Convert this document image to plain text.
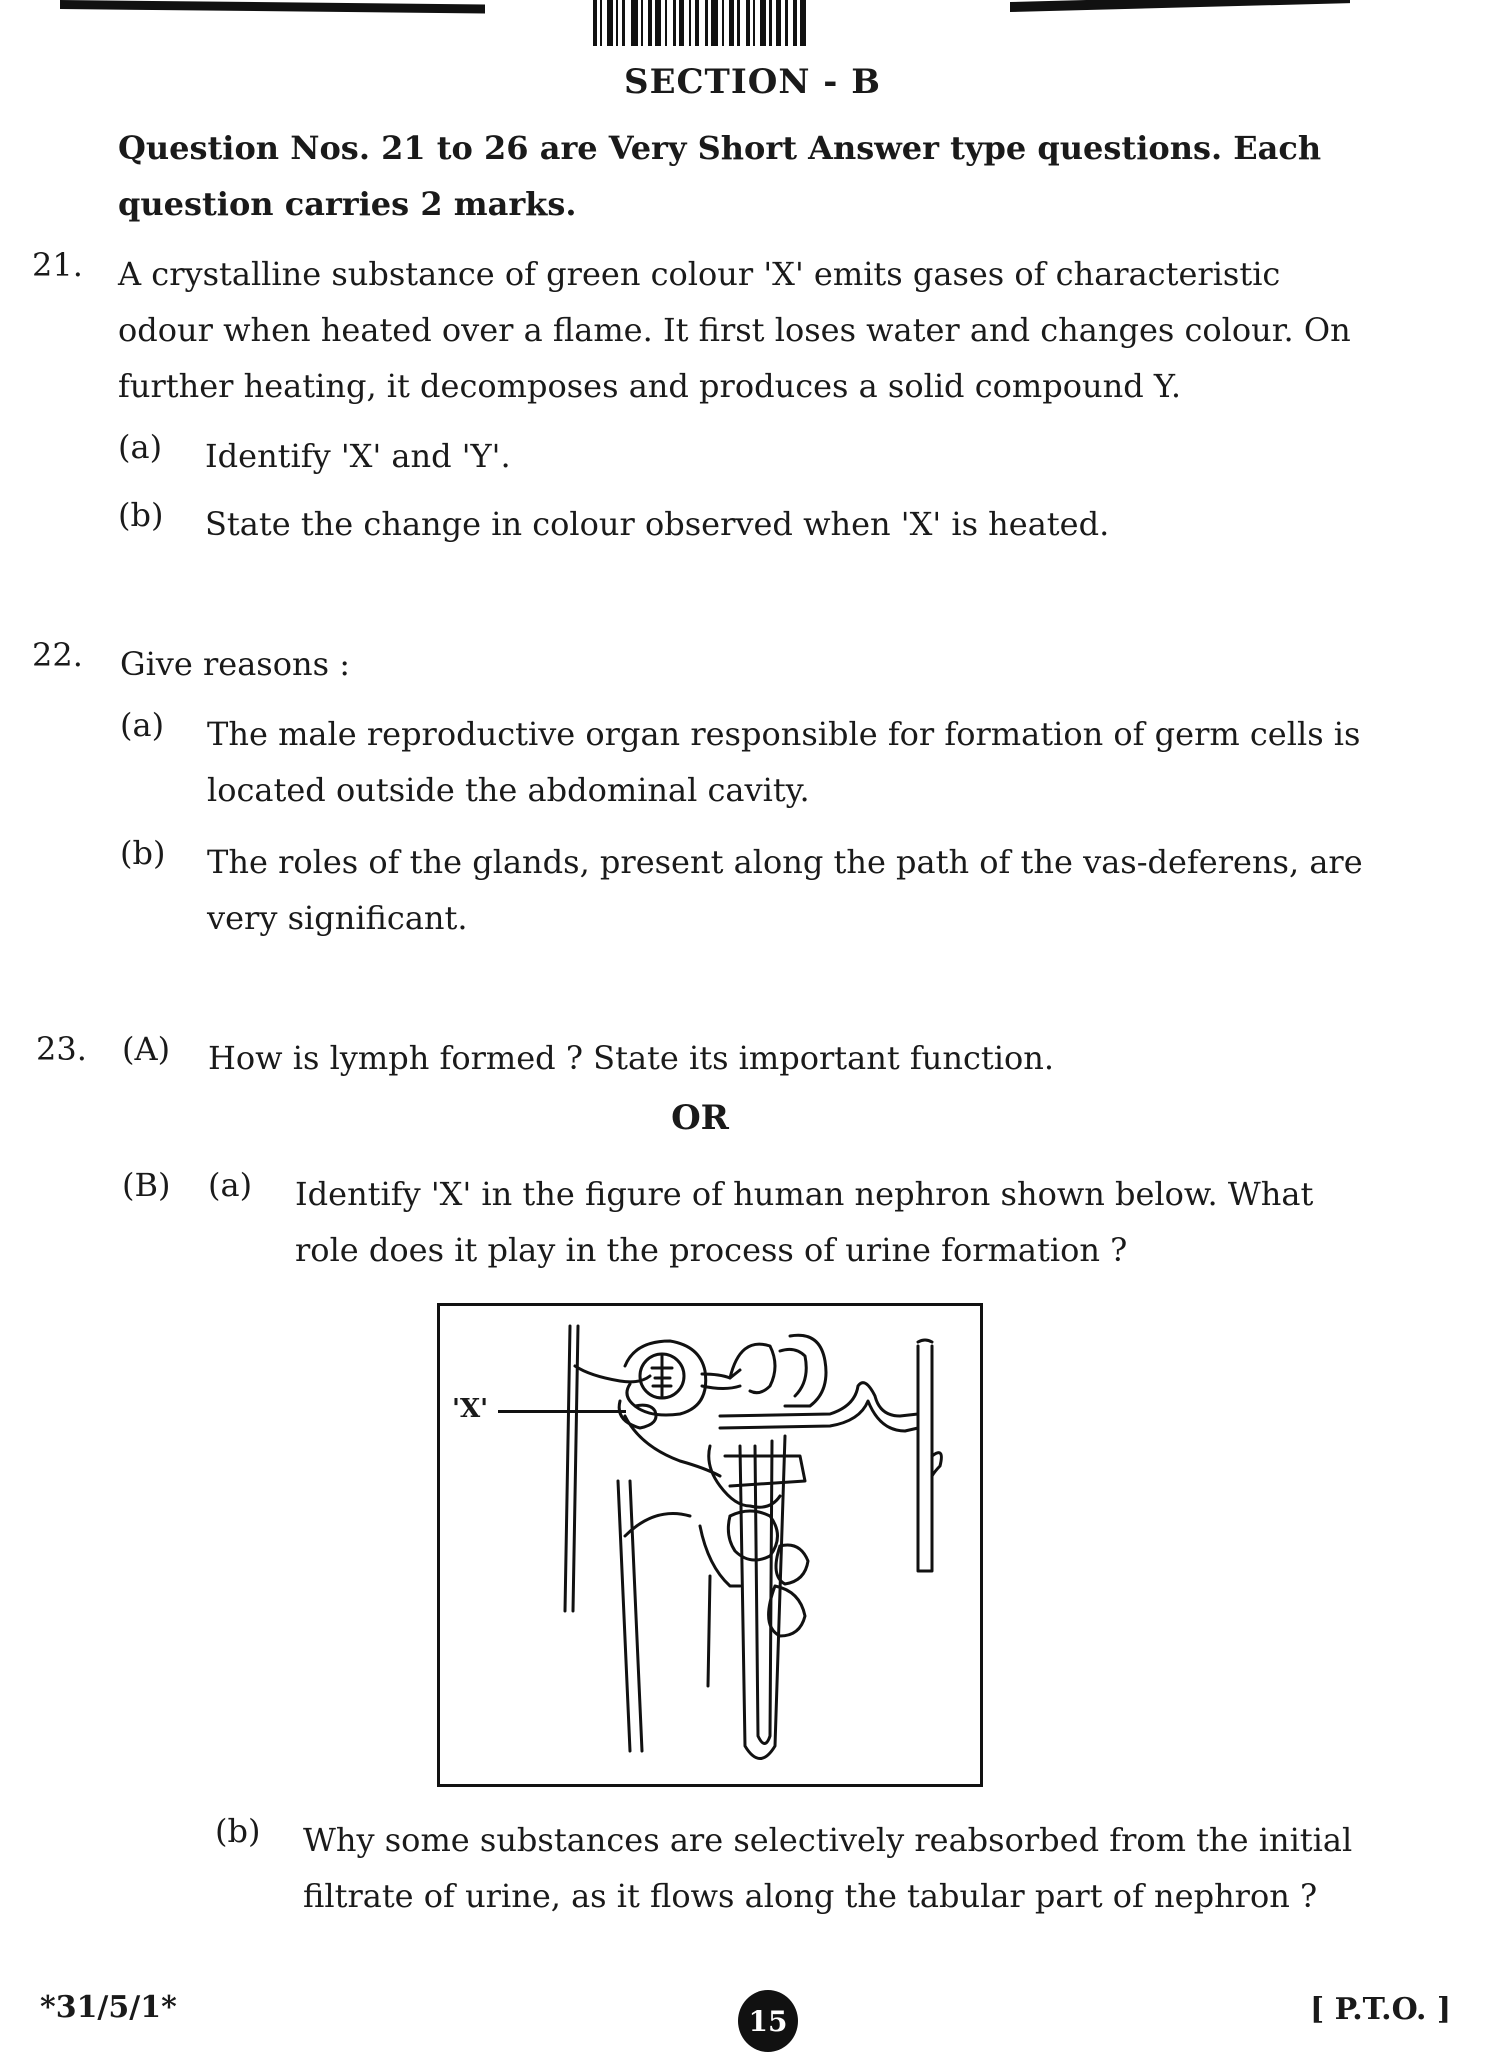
SECTION - B
Question Nos. 21 to 26 are Very Short Answer type questions. Each question carries 2 marks.
21. A crystalline substance of green colour 'X' emits gases of characteristic odour when heated over a flame. It first loses water and changes colour. On further heating, it decomposes and produces a solid compound Y.
(a) Identify 'X' and 'Y'.
(b) State the change in colour observed when 'X' is heated.
22. Give reasons :
(a) The male reproductive organ responsible for formation of germ cells is located outside the abdominal cavity.
(b) The roles of the glands, present along the path of the vas-deferens, are very significant.
23. (A) How is lymph formed ? State its important function.
OR
(B) (a) Identify 'X' in the figure of human nephron shown below. What role does it play in the process of urine formation ?
'X'
(b) Why some substances are selectively reabsorbed from the initial filtrate of urine, as it flows along the tabular part of nephron ?
*31/5/1*	15	[ P.T.O. ]
